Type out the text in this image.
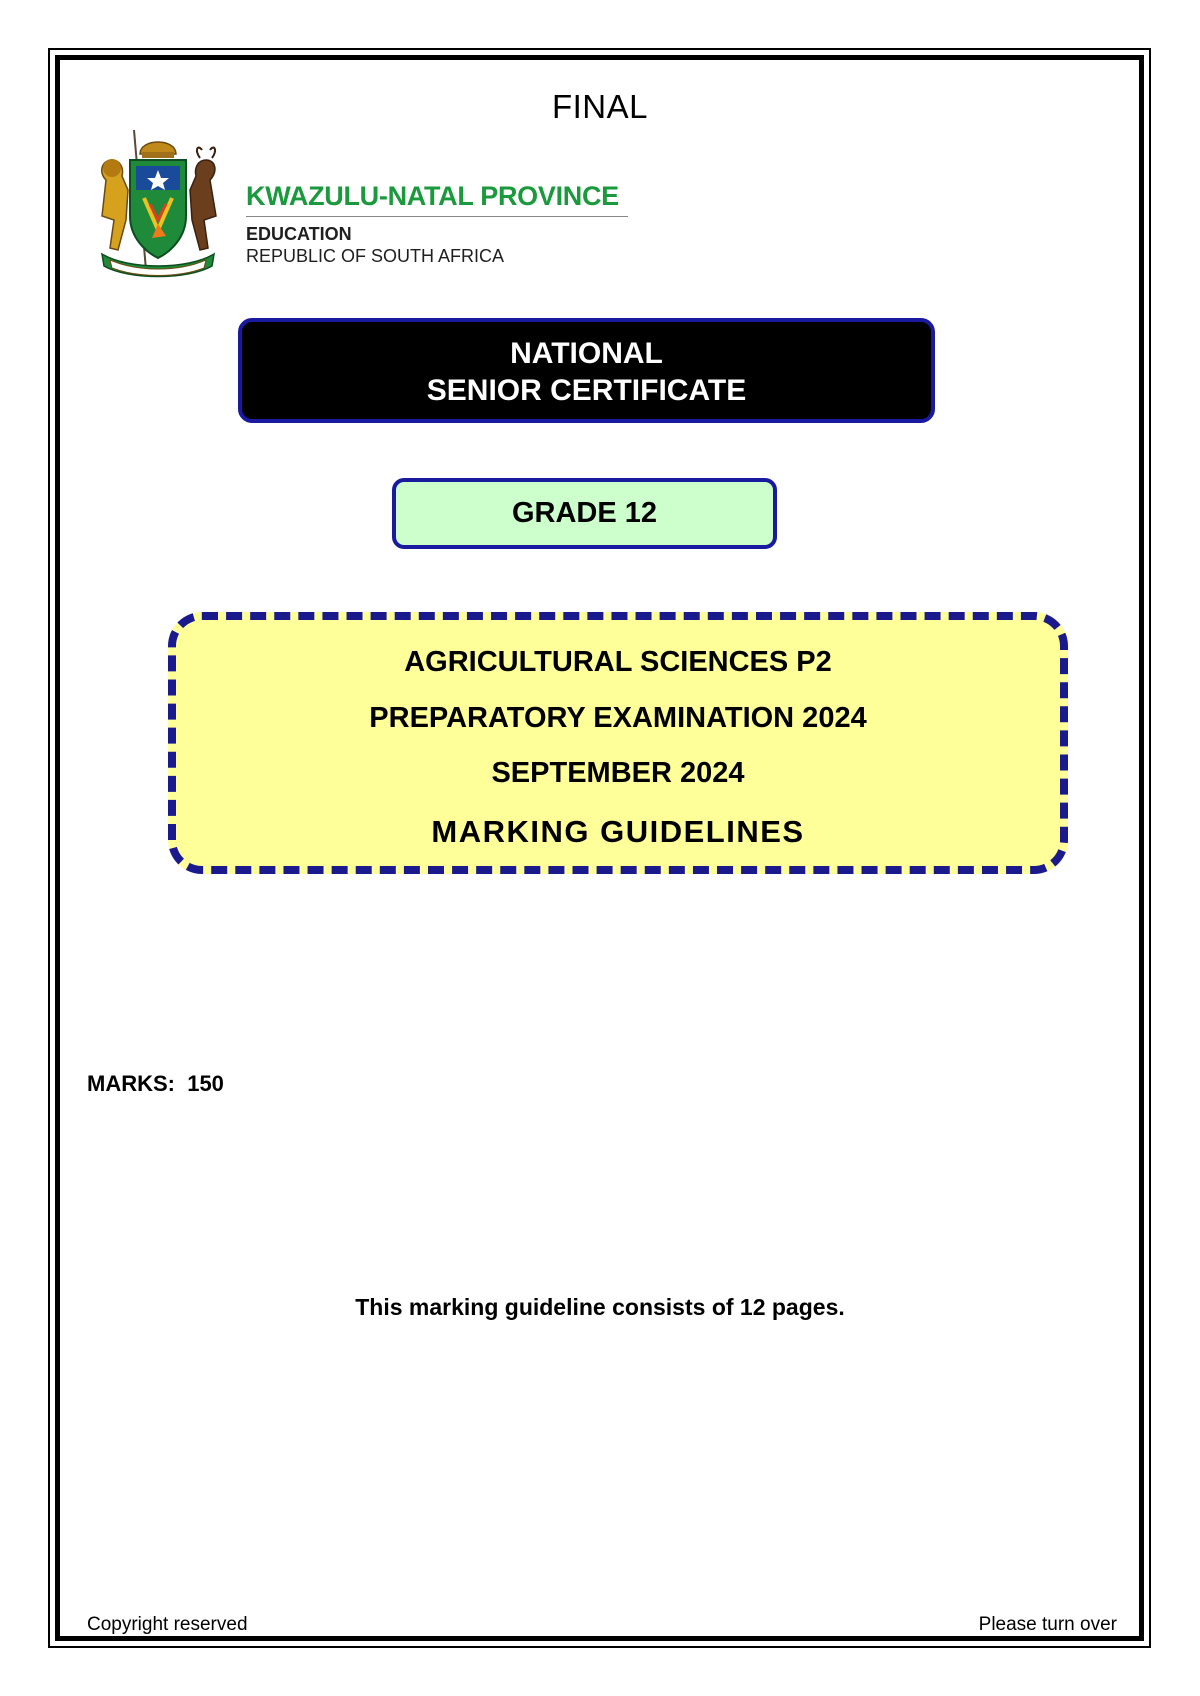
FINAL
KWAZULU-NATAL PROVINCE
EDUCATION
REPUBLIC OF SOUTH AFRICA
NATIONAL
SENIOR CERTIFICATE
GRADE 12
AGRICULTURAL SCIENCES P2
PREPARATORY EXAMINATION 2024
SEPTEMBER 2024
MARKING GUIDELINES
MARKS:  150
This marking guideline consists of 12 pages.
Copyright reserved	Please turn over
